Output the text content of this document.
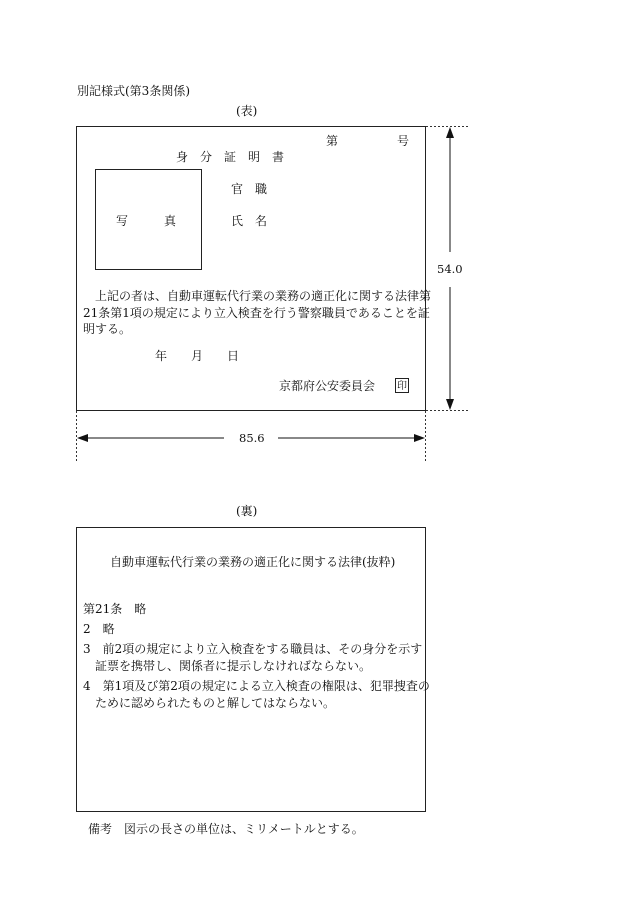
別記様式(第3条関係)
(表)
第	号
身　分　証　明　書
写　　　真
官　職
氏　名
　上記の者は、自動車運転代行業の業務の適正化に関する法律第
21条第1項の規定により立入検査を行う警察職員であることを証
明する。
年　　月　　日
京都府公安委員会 印
54.0
85.6
(裏)
自動車運転代行業の業務の適正化に関する法律(抜粋)
第21条　略
2　略
3　前2項の規定により立入検査をする職員は、その身分を示す証票を携帯し、関係者に提示しなければならない。
4　第1項及び第2項の規定による立入検査の権限は、犯罪捜査のために認められたものと解してはならない。
備考　図示の長さの単位は、ミリメートルとする。
